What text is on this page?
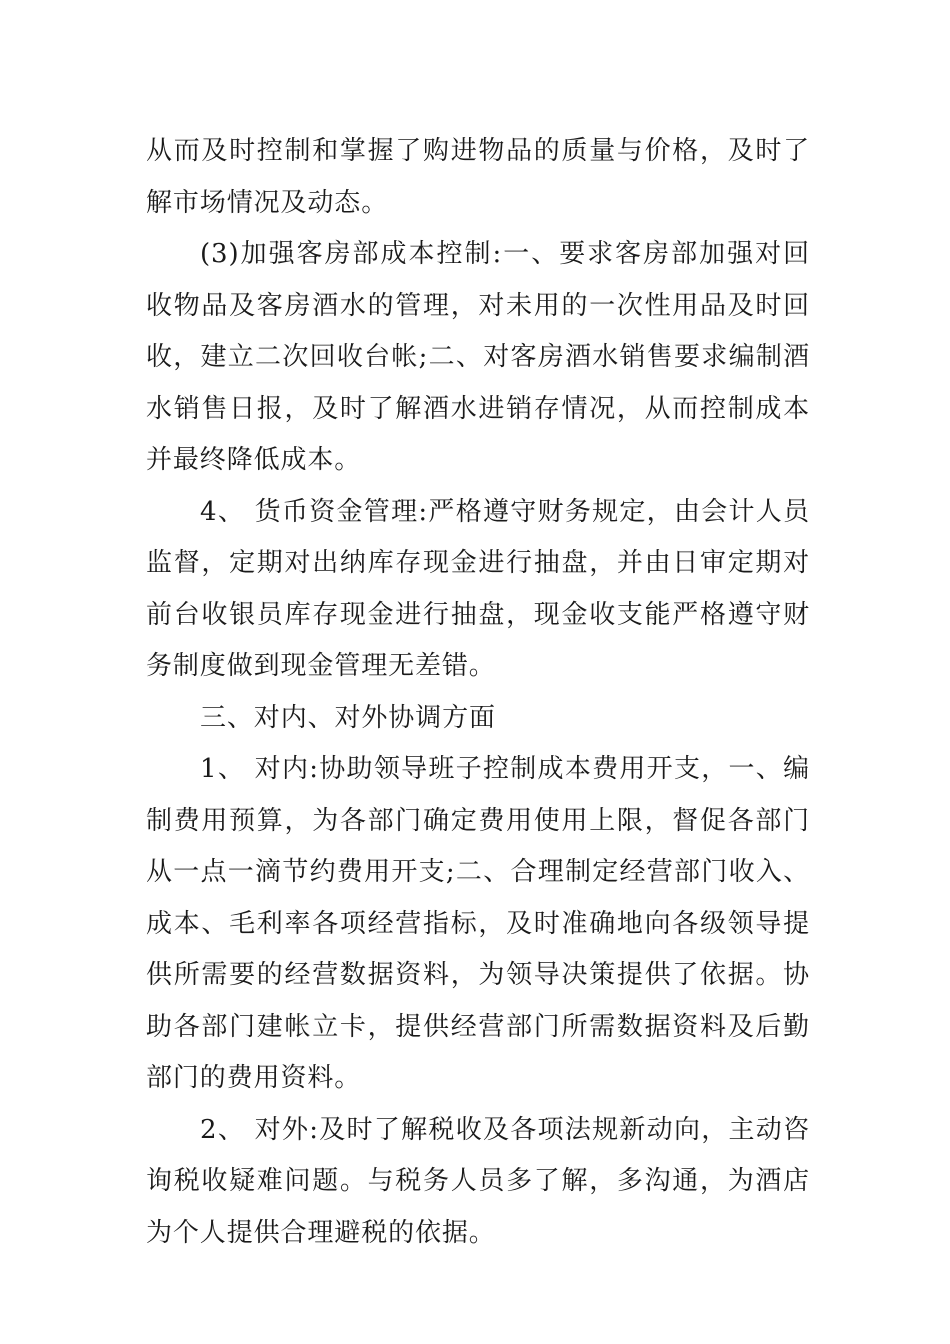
从而及时控制和掌握了购进物品的质量与价格，及时了解市场情况及动态。

(3)加强客房部成本控制:一、要求客房部加强对回收物品及客房酒水的管理，对未用的一次性用品及时回收，建立二次回收台帐;二、对客房酒水销售要求编制酒水销售日报，及时了解酒水进销存情况，从而控制成本并最终降低成本。

4、 货币资金管理:严格遵守财务规定，由会计人员监督，定期对出纳库存现金进行抽盘，并由日审定期对前台收银员库存现金进行抽盘，现金收支能严格遵守财务制度做到现金管理无差错。

三、对内、对外协调方面

1、 对内:协助领导班子控制成本费用开支，一、编制费用预算，为各部门确定费用使用上限，督促各部门从一点一滴节约费用开支;二、合理制定经营部门收入、成本、毛利率各项经营指标，及时准确地向各级领导提供所需要的经营数据资料，为领导决策提供了依据。协助各部门建帐立卡，提供经营部门所需数据资料及后勤部门的费用资料。

2、 对外:及时了解税收及各项法规新动向，主动咨询税收疑难问题。与税务人员多了解，多沟通，为酒店为个人提供合理避税的依据。
